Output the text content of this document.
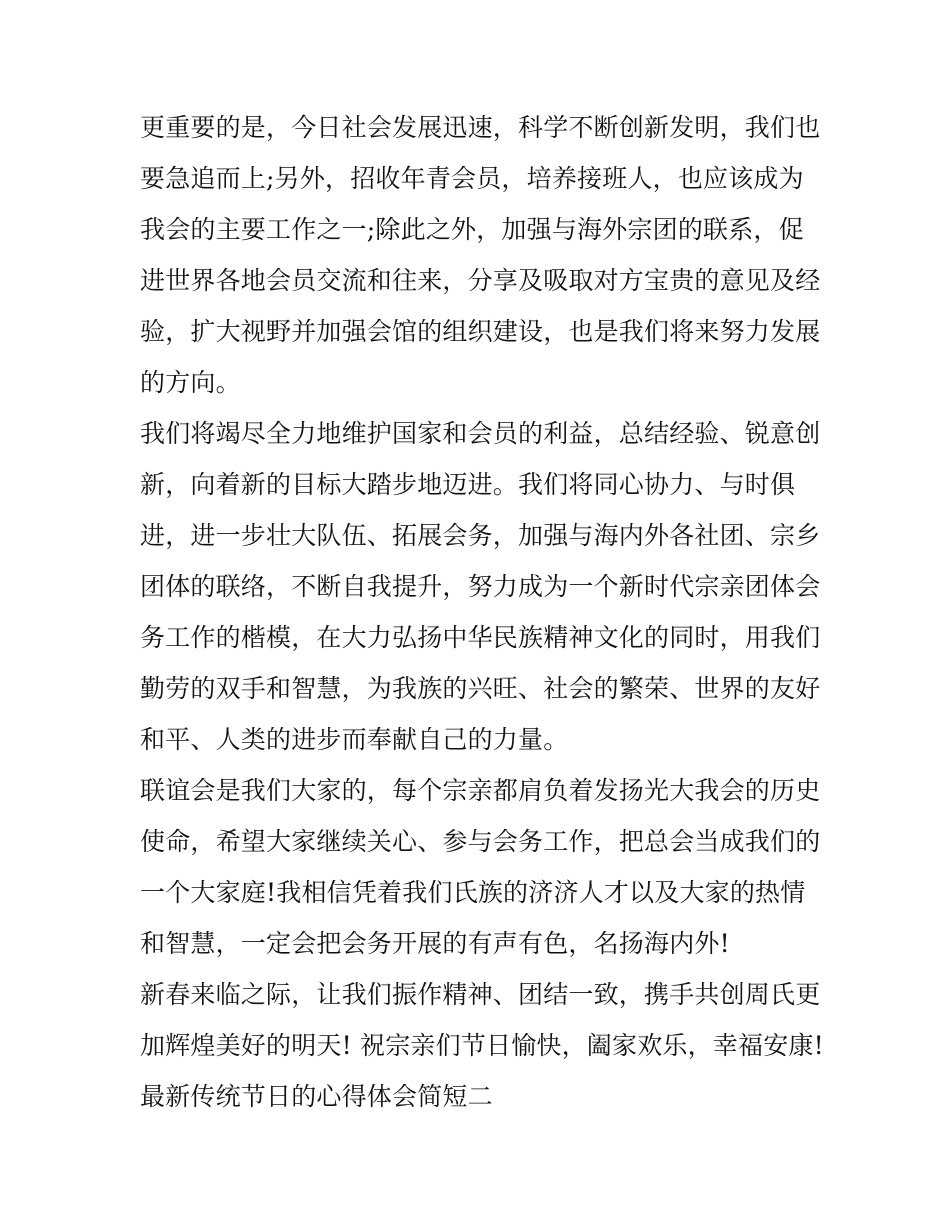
更重要的是，今日社会发展迅速，科学不断创新发明，我们也
要急追而上;另外，招收年青会员，培养接班人，也应该成为
我会的主要工作之一;除此之外，加强与海外宗团的联系，促
进世界各地会员交流和往来，分享及吸取对方宝贵的意见及经
验，扩大视野并加强会馆的组织建设，也是我们将来努力发展
的方向。
我们将竭尽全力地维护国家和会员的利益，总结经验、锐意创
新，向着新的目标大踏步地迈进。我们将同心协力、与时俱
进，进一步壮大队伍、拓展会务，加强与海内外各社团、宗乡
团体的联络，不断自我提升，努力成为一个新时代宗亲团体会
务工作的楷模，在大力弘扬中华民族精神文化的同时，用我们
勤劳的双手和智慧，为我族的兴旺、社会的繁荣、世界的友好
和平、人类的进步而奉献自己的力量。
联谊会是我们大家的，每个宗亲都肩负着发扬光大我会的历史
使命，希望大家继续关心、参与会务工作，把总会当成我们的
一个大家庭!我相信凭着我们氏族的济济人才以及大家的热情
和智慧，一定会把会务开展的有声有色，名扬海内外!
新春来临之际，让我们振作精神、团结一致，携手共创周氏更
加辉煌美好的明天! 祝宗亲们节日愉快，阖家欢乐，幸福安康!
最新传统节日的心得体会简短二
